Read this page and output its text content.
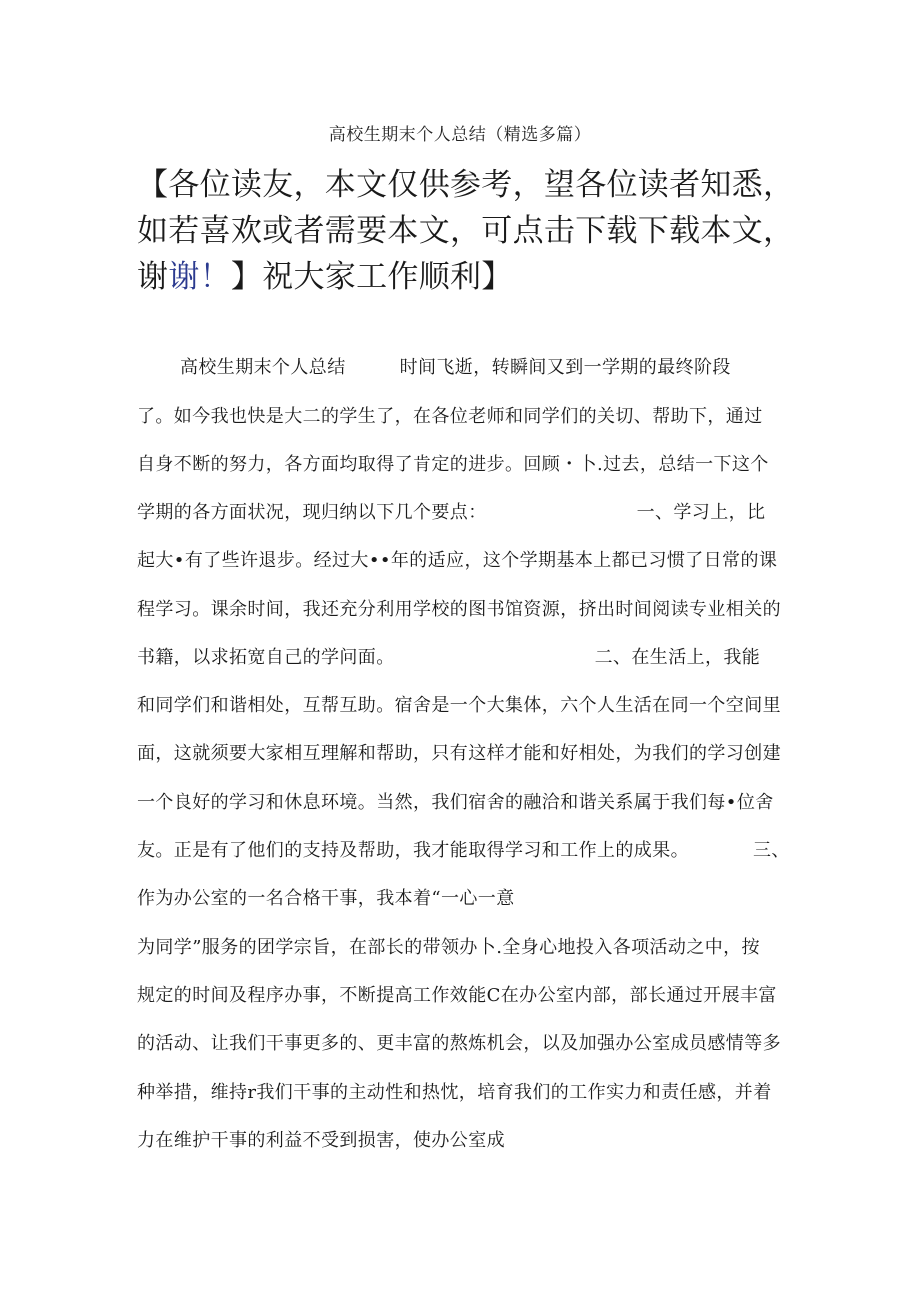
高校生期末个人总结（精选多篇）
【各位读友，本文仅供参考，望各位读者知悉，
如若喜欢或者需要本文，可点击下载下载本文，
谢谢！】祝大家工作顺利】
高校生期末个人总结	时间飞逝，转瞬间又到一学期的最终阶段
了。如今我也快是大二的学生了，在各位老师和同学们的关切、帮助下，通过
自身不断的努力，各方面均取得了肯定的进步。回顾・卜.过去，总结一下这个
学期的各方面状况，现归纳以下几个要点：	一、学习上，比
起大•有了些许退步。经过大••年的适应，这个学期基本上都已习惯了日常的课
程学习。课余时间，我还充分利用学校的图书馆资源，挤出时间阅读专业相关的
书籍，以求拓宽自己的学问面。	二、在生活上，我能
和同学们和谐相处，互帮互助。宿舍是一个大集体，六个人生活在同一个空间里
面，这就须要大家相互理解和帮助，只有这样才能和好相处，为我们的学习创建
一个良好的学习和休息环境。当然，我们宿舍的融洽和谐关系属于我们每•位舍
友。正是有了他们的支持及帮助，我才能取得学习和工作上的成果。	三、
作为办公室的一名合格干事，我本着“一心一意
为同学”服务的团学宗旨，在部长的带领办卜.全身心地投入各项活动之中，按
规定的时间及程序办事，不断提高工作效能C在办公室内部，部长通过开展丰富
的活动、让我们干事更多的、更丰富的熬炼机会，以及加强办公室成员感情等多
种举措，维持r我们干事的主动性和热忱，培育我们的工作实力和责任感，并着
力在维护干事的利益不受到损害，使办公室成
